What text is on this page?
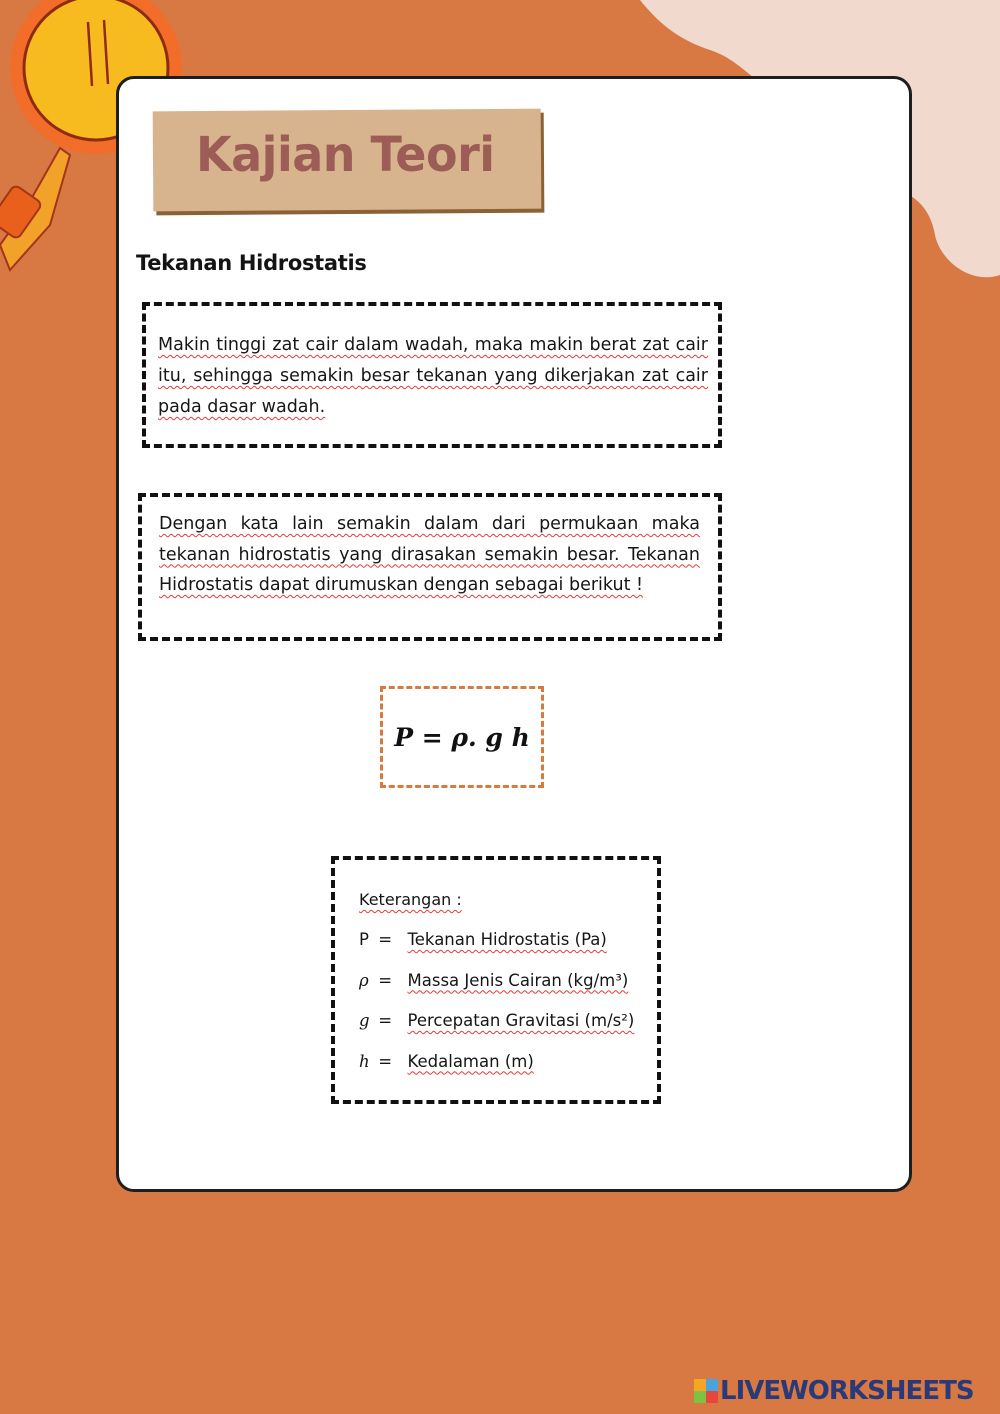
Kajian Teori
Tekanan Hidrostatis

Makin tinggi zat cair dalam wadah, maka makin berat zat cair itu, sehingga semakin besar tekanan yang dikerjakan zat cair pada dasar wadah.

Dengan kata lain semakin dalam dari permukaan maka tekanan hidrostatis yang dirasakan semakin besar. Tekanan Hidrostatis dapat dirumuskan dengan sebagai berikut !

P = ρ. g h
Keterangan :
P = Tekanan Hidrostatis (Pa)
ρ = Massa Jenis Cairan (kg/m³)
g = Percepatan Gravitasi (m/s²)
h = Kedalaman (m)
LIVEWORKSHEETS
